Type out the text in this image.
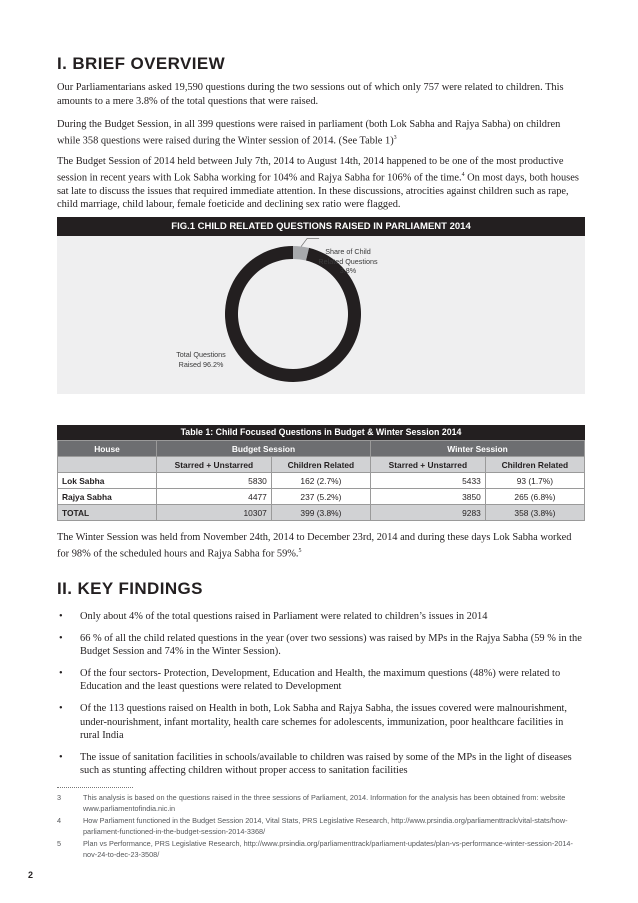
I. BRIEF OVERVIEW
Our Parliamentarians asked 19,590 questions during the two sessions out of which only 757 were related to children. This amounts to a mere 3.8% of the total questions that were raised.
During the Budget Session, in all 399 questions were raised in parliament (both Lok Sabha and Rajya Sabha) on children while 358 questions were raised during the Winter session of 2014. (See Table 1)$^3$
The Budget Session of 2014 held between July 7th, 2014 to August 14th, 2014 happened to be one of the most productive session in recent years with Lok Sabha working for 104% and Rajya Sabha for 106% of the time.$^4$ On most days, both houses sat late to discuss the issues that required immediate attention. In these discussions, atrocities against children such as rape, child marriage, child labour, female foeticide and declining sex ratio were flagged.
FIG.1 CHILD RELATED QUESTIONS RAISED IN PARLIAMENT 2014
Share of Child
Related Questions
3.8%
Total Questions
Raised 96.2%
Table 1: Child Focused Questions in Budget & Winter Session 2014
House	Budget Session		Winter Session	
	Starred + Unstarred	Children Related	Starred + Unstarred	Children Related
Lok Sabha	5830	162 (2.7%)	5433	93 (1.7%)
Rajya Sabha	4477	237 (5.2%)	3850	265 (6.8%)
TOTAL	10307	399 (3.8%)	9283	358 (3.8%)
The Winter Session was held from November 24th, 2014 to December 23rd, 2014 and during these days Lok Sabha worked for 98% of the scheduled hours and Rajya Sabha for 59%.$^5$
II. KEY FINDINGS
• Only about 4% of the total questions raised in Parliament were related to children’s issues in 2014
• 66 % of all the child related questions in the year (over two sessions) was raised by MPs in the Rajya Sabha (59 % in the Budget Session and 74% in the Winter Session).
• Of the four sectors- Protection, Development, Education and Health, the maximum questions (48%) were related to Education and the least questions were related to Development
• Of the 113 questions raised on Health in both, Lok Sabha and Rajya Sabha, the issues covered were malnourishment, under-nourishment, infant mortality, health care schemes for adolescents, immunization, poor healthcare facilities in rural India
• The issue of sanitation facilities in schools/available to children was raised by some of the MPs in the light of diseases such as stunting affecting children without proper access to sanitation facilities
3	This analysis is based on the questions raised in the three sessions of Parliament, 2014. Information for the analysis has been obtained from: website www.parliamentofindia.nic.in
4	How Parliament functioned in the Budget Session 2014, Vital Stats, PRS Legislative Research, http://www.prsindia.org/parliamenttrack/vital-stats/how-parliament-functioned-in-the-budget-session-2014-3368/
5	Plan vs Performance, PRS Legislative Research, http://www.prsindia.org/parliamenttrack/parliament-updates/plan-vs-performance-winter-session-2014-nov-24-to-dec-23-3508/
2
